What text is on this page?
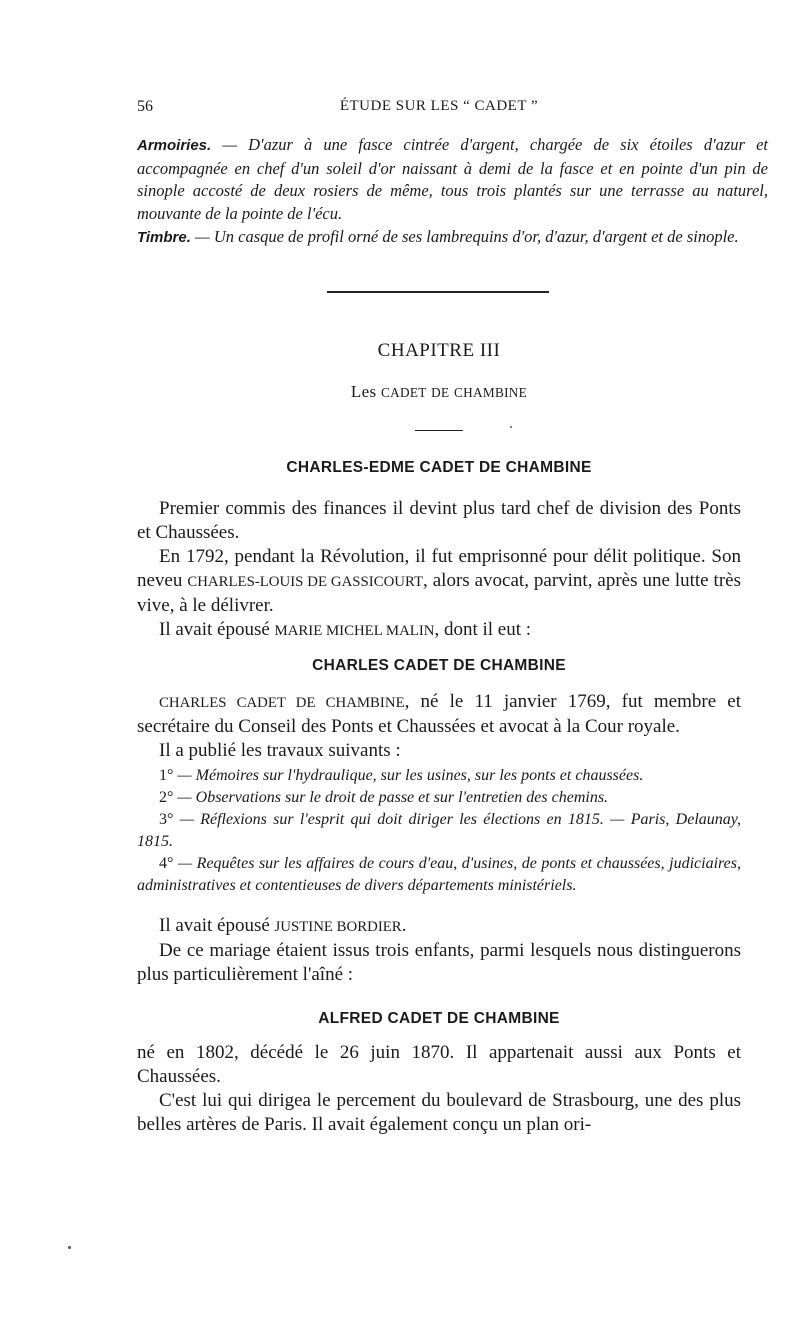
56	ÉTUDE SUR LES “ CADET ”
Armoiries. — D'azur à une fasce cintrée d'argent, chargée de six étoiles d'azur et accompagnée en chef d'un soleil d'or naissant à demi de la fasce et en pointe d'un pin de sinople accosté de deux rosiers de même, tous trois plantés sur une terrasse au naturel, mouvante de la pointe de l'écu.
Timbre. — Un casque de profil orné de ses lambrequins d'or, d'azur, d'argent et de sinople.
CHAPITRE III
Les CADET DE CHAMBINE
CHARLES-EDME CADET DE CHAMBINE

Premier commis des finances il devint plus tard chef de division des Ponts et Chaussées.

En 1792, pendant la Révolution, il fut emprisonné pour délit politique. Son neveu CHARLES-LOUIS DE GASSICOURT, alors avocat, parvint, après une lutte très vive, à le délivrer.

Il avait épousé MARIE MICHEL MALIN, dont il eut :

CHARLES CADET DE CHAMBINE

CHARLES CADET DE CHAMBINE, né le 11 janvier 1769, fut membre et secrétaire du Conseil des Ponts et Chaussées et avocat à la Cour royale.

Il a publié les travaux suivants :

1° — Mémoires sur l'hydraulique, sur les usines, sur les ponts et chaussées.

2° — Observations sur le droit de passe et sur l'entretien des chemins.

3° — Réflexions sur l'esprit qui doit diriger les élections en 1815. — Paris, Delaunay, 1815.

4° — Requêtes sur les affaires de cours d'eau, d'usines, de ponts et chaussées, judiciaires, administratives et contentieuses de divers départements ministériels.

Il avait épousé JUSTINE BORDIER.

De ce mariage étaient issus trois enfants, parmi lesquels nous distinguerons plus particulièrement l'aîné :

ALFRED CADET DE CHAMBINE

né en 1802, décédé le 26 juin 1870. Il appartenait aussi aux Ponts et Chaussées.

C'est lui qui dirigea le percement du boulevard de Strasbourg, une des plus belles artères de Paris. Il avait également conçu un plan ori-
